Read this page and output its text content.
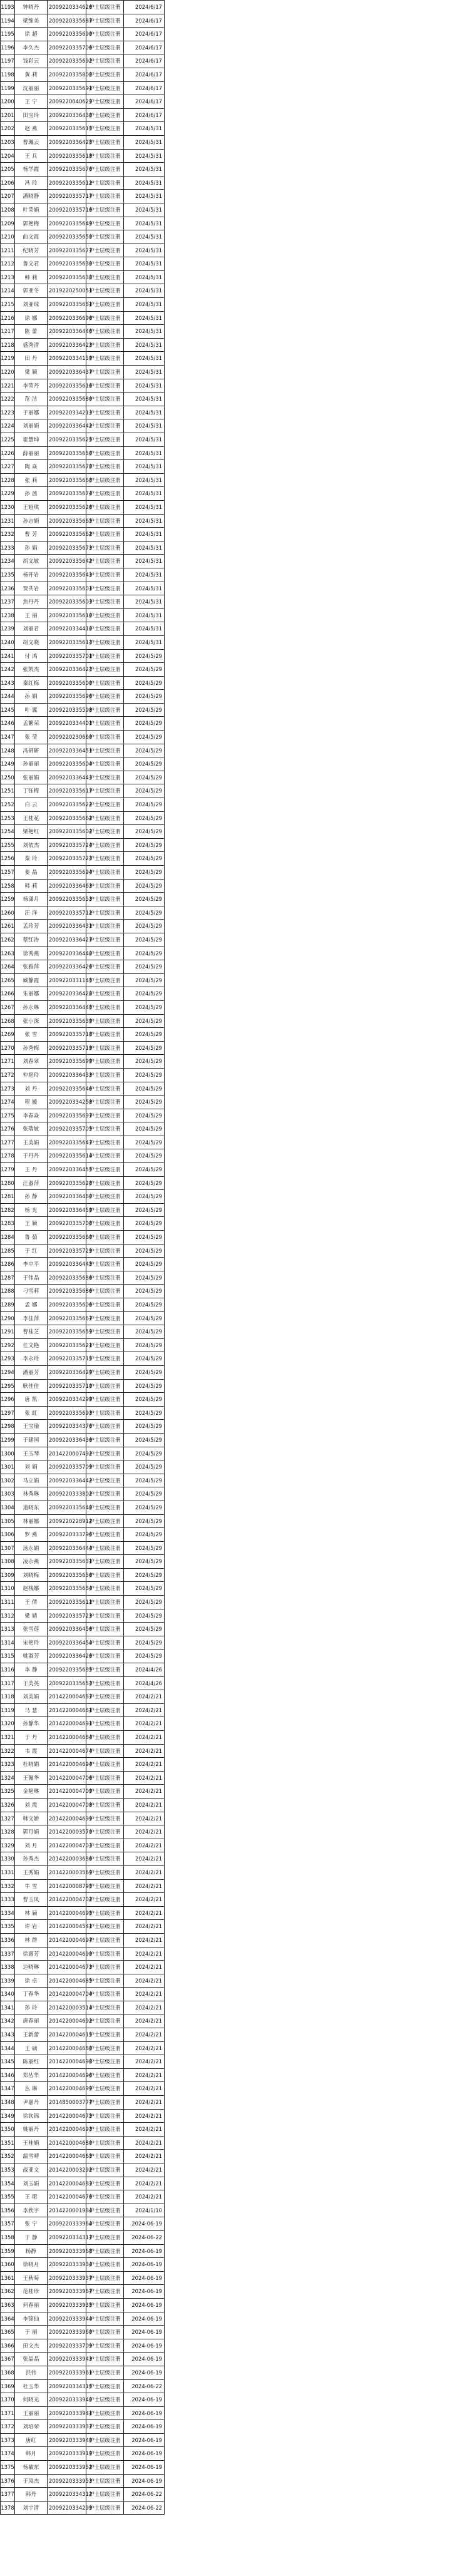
1193	钟晓丹	2009220334626	护士层级注册	2024/6/17
1194	梁维美	2009220335687	护士层级注册	2024/6/17
1195	徐 超	2009220335690	护士层级注册	2024/6/17
1196	李久杰	2009220335706	护士层级注册	2024/6/17
1197	钱彩云	2009220335692	护士层级注册	2024/6/17
1198	黄 莉	2009220335808	护士层级注册	2024/6/17
1199	沈丽丽	2009220335691	护士层级注册	2024/6/17
1200	王 宁	2009220040629	护士层级注册	2024/6/17
1201	田宝玲	2009220336438	护士层级注册	2024/6/17
1202	赵 燕	2009220335615	护士层级注册	2024/5/31
1203	曹珮云	2009220336425	护士层级注册	2024/5/31
1204	王 兵	2009220335618	护士层级注册	2024/5/31
1205	杨学霞	2009220335676	护士层级注册	2024/5/31
1206	冯 玲	2009220335612	护士层级注册	2024/5/31
1207	潘晓静	2009220335717	护士层级注册	2024/5/31
1208	叶荣娟	2009220335716	护士层级注册	2024/5/31
1209	郭艳梅	2009220335649	护士层级注册	2024/5/31
1210	曲文霞	2009220335650	护士层级注册	2024/5/31
1211	纪晓芳	2009220335677	护士层级注册	2024/5/31
1212	鲁文君	2009220335630	护士层级注册	2024/5/31
1213	韩 莉	2009220335638	护士层级注册	2024/5/31
1214	郭亚冬	2019220250051	护士层级注册	2024/5/31
1215	刘亚琼	2009220335681	护士层级注册	2024/5/31
1216	徐 娜	2009220336696	护士层级注册	2024/5/31
1217	陈 蕾	2009220336446	护士层级注册	2024/5/31
1218	盛秀清	2009220336423	护士层级注册	2024/5/31
1219	田 丹	2009220334159	护士层级注册	2024/5/31
1220	梁 颖	2009220336437	护士层级注册	2024/5/31
1221	李荣丹	2009220335616	护士层级注册	2024/5/31
1222	范 洁	2009220335680	护士层级注册	2024/5/31
1223	于丽娜	2009220334213	护士层级注册	2024/5/31
1224	刘丽娟	2009220336442	护士层级注册	2024/5/31
1225	霍慧坤	2009220335625	护士层级注册	2024/5/31
1226	薛丽丽	2009220335650	护士层级注册	2024/5/31
1227	陶 焱	2009220335678	护士层级注册	2024/5/31
1228	张 莉	2009220335668	护士层级注册	2024/5/31
1229	孙 茜	2009220335674	护士层级注册	2024/5/31
1230	王娅琪	2009220335626	护士层级注册	2024/5/31
1231	孙志娟	2009220335665	护士层级注册	2024/5/31
1232	曹 芳	2009220335662	护士层级注册	2024/5/31
1233	孙 娟	2009220335673	护士层级注册	2024/5/31
1234	胡文敏	2009220335642	护士层级注册	2024/5/31
1235	杨开岩	2009220335643	护士层级注册	2024/5/31
1236	贾共岩	2009220335601	护士层级注册	2024/5/31
1237	焦丹丹	2009220335603	护士层级注册	2024/5/31
1238	王 丽	2009220335610	护士层级注册	2024/5/31
1239	刘丽君	2009220334410	护士层级注册	2024/5/31
1240	胡文晓	2009220335613	护士层级注册	2024/5/31
1241	付 鸿	2009220335701	护士层级注册	2024/5/29
1242	张凯杰	2009220336423	护士层级注册	2024/5/29
1243	秦红梅	2009220335600	护士层级注册	2024/5/29
1244	孙 娟	2009220335696	护士层级注册	2024/5/29
1245	叶 翼	2009220335598	护士层级注册	2024/5/29
1246	孟繁荣	2009220334401	护士层级注册	2024/5/29
1247	张 莹	2009220230660	护士层级注册	2024/5/29
1248	冯研研	2009220336451	护士层级注册	2024/5/29
1249	孙丽丽	2009220335604	护士层级注册	2024/5/29
1250	张丽娟	2009220336443	护士层级注册	2024/5/29
1251	丁钰梅	2009220335617	护士层级注册	2024/5/29
1252	白 云	2009220335622	护士层级注册	2024/5/29
1253	王桂花	2009220335662	护士层级注册	2024/5/29
1254	梁艳红	2009220335602	护士层级注册	2024/5/29
1255	刘依杰	2009220335724	护士层级注册	2024/5/29
1256	秦 玲	2009220335723	护士层级注册	2024/5/29
1257	姜 晶	2009220335694	护士层级注册	2024/5/29
1258	韩 莉	2009220336463	护士层级注册	2024/5/29
1259	杨潇月	2009220335653	护士层级注册	2024/5/29
1260	汪 洋	2009220335712	护士层级注册	2024/5/29
1261	孟玲芳	2009220336431	护士层级注册	2024/5/29
1262	蔡红涛	2009220336427	护士层级注册	2024/5/29
1263	徐秀燕	2009220336440	护士层级注册	2024/5/29
1264	张雅萍	2009220336426	护士层级注册	2024/5/29
1265	臧静霞	2009220331145	护士层级注册	2024/5/29
1266	朱丽娜	2009220336428	护士层级注册	2024/5/29
1267	孙永琳	2009220336445	护士层级注册	2024/5/29
1268	张小深	2009220335639	护士层级注册	2024/5/29
1269	张 雪	2009220335718	护士层级注册	2024/5/29
1270	孙秀梅	2009220335719	护士层级注册	2024/5/29
1271	刘春翠	2009220335699	护士层级注册	2024/5/29
1272	仲艳玲	2009220336433	护士层级注册	2024/5/29
1273	刘 丹	2009220335646	护士层级注册	2024/5/29
1274	程 媛	2009220334258	护士层级注册	2024/5/29
1275	李春焱	2009220335697	护士层级注册	2024/5/29
1276	张瑞敏	2009220335705	护士层级注册	2024/5/29
1277	王美娟	2009220335647	护士层级注册	2024/5/29
1278	于丹丹	2009220335614	护士层级注册	2024/5/29
1279	王 丹	2009220336455	护士层级注册	2024/5/29
1280	汪淑萍	2009220335628	护士层级注册	2024/5/29
1281	孙 静	2009220336460	护士层级注册	2024/5/29
1282	杨 光	2009220336459	护士层级注册	2024/5/29
1283	王 颖	2009220335708	护士层级注册	2024/5/29
1284	鲁 茹	2009220335660	护士层级注册	2024/5/29
1285	于 红	2009220335729	护士层级注册	2024/5/29
1286	李中平	2009220336445	护士层级注册	2024/5/29
1287	于伟晶	2009220335686	护士层级注册	2024/5/29
1288	刁雪莉	2009220335686	护士层级注册	2024/5/29
1289	孟 娜	2009220335606	护士层级注册	2024/5/29
1290	李佳萍	2009220335667	护士层级注册	2024/5/29
1291	曹桂芝	2009220335659	护士层级注册	2024/5/29
1292	任文艳	2009220335621	护士层级注册	2024/5/29
1293	李永玲	2009220335715	护士层级注册	2024/5/29
1294	潘丽芳	2009220336429	护士层级注册	2024/5/29
1295	耿佳佳	2009220335710	护士层级注册	2024/5/29
1296	唐 凯	2009220334299	护士层级注册	2024/5/29
1297	张 虹	2009220335693	护士层级注册	2024/5/29
1298	王宝瑜	2009220334376	护士层级注册	2024/5/29
1299	于建国	2009220336436	护士层级注册	2024/5/29
1300	王玉琴	2014220007492	护士层级注册	2024/5/29
1301	刘 娟	2009220335709	护士层级注册	2024/5/29
1302	马立娟	2009220336442	护士层级注册	2024/5/29
1303	林秀琳	2009220333802	护士层级注册	2024/5/29
1304	道晓东	2009220335648	护士层级注册	2024/5/29
1305	林丽娜	2009220228912	护士层级注册	2024/5/29
1306	罗 燕	2009220333796	护士层级注册	2024/5/29
1307	汤永娟	2009220336444	护士层级注册	2024/5/29
1308	凌永燕	2009220335631	护士层级注册	2024/5/29
1309	刘晓梅	2009220335656	护士层级注册	2024/5/29
1310	赵栈娜	2009220335684	护士层级注册	2024/5/29
1311	王 倩	2009220335611	护士层级注册	2024/5/29
1312	梁 婧	2009220335723	护士层级注册	2024/5/29
1313	张雪莲	2009220336456	护士层级注册	2024/5/29
1314	宋艳玲	2009220336454	护士层级注册	2024/5/29
1315	姚淑芳	2009220336426	护士层级注册	2024/5/29
1316	李 静	2009220335685	护士层级注册	2024/4/26
1317	于美英	2009220335653	护士层级注册	2024/4/26
1318	刘美娟	2014220004687	护士层级注册	2024/2/21
1319	马 慧	2014220004681	护士层级注册	2024/2/21
1320	孙静华	2014220004691	护士层级注册	2024/2/21
1321	于 丹	2014220004684	护士层级注册	2024/2/21
1322	韦 霞	2014220004674	护士层级注册	2024/2/21
1323	杜晓娟	2014220004694	护士层级注册	2024/2/21
1324	王佩华	2014220004706	护士层级注册	2024/2/21
1325	金艳琳	2014220004709	护士层级注册	2024/2/21
1326	刘 霞	2014220004708	护士层级注册	2024/2/21
1327	韩文娇	2014220004699	护士层级注册	2024/2/21
1328	郭月娟	2014220003570	护士层级注册	2024/2/21
1329	刘 月	2014220004703	护士层级注册	2024/2/21
1330	孙秀杰	2014220003686	护士层级注册	2024/2/21
1331	王秀娟	2014220003569	护士层级注册	2024/2/21
1332	牛 雪	2014220008795	护士层级注册	2024/2/21
1333	曹玉凤	2014220004702	护士层级注册	2024/2/21
1334	林 颖	2014220004695	护士层级注册	2024/2/21
1335	许 岩	2014220004541	护士层级注册	2024/2/21
1336	林 群	2014220004697	护士层级注册	2024/2/21
1337	徐惠芳	2014220004690	护士层级注册	2024/2/21
1338	边晓琳	2014220004673	护士层级注册	2024/2/21
1339	徐 卓	2014220004685	护士层级注册	2024/2/21
1340	丁春华	2014220004704	护士层级注册	2024/2/21
1341	孙 玲	2014220003514	护士层级注册	2024/2/21
1342	唐春丽	2014220004692	护士层级注册	2024/2/21
1343	王新蕾	2014220004615	护士层级注册	2024/2/21
1344	王 硕	2014220004688	护士层级注册	2024/2/21
1345	陈丽红	2014220004698	护士层级注册	2024/2/21
1346	郑丛华	2014220004696	护士层级注册	2024/2/21
1347	丛 琳	2014220004699	护士层级注册	2024/2/21
1348	尹嘉丹	2014850003777	护士层级注册	2024/2/21
1349	徐钦锦	2014220004675	护士层级注册	2024/2/21
1350	姚丽丹	2014220004693	护士层级注册	2024/2/21
1351	王桂娟	2014220004680	护士层级注册	2024/2/21
1352	温雪晴	2014220004665	护士层级注册	2024/2/21
1353	战亚文	2014220003292	护士层级注册	2024/2/21
1354	刘玉娟	2014220004683	护士层级注册	2024/2/21
1355	王 珺	2014220004676	护士层级注册	2024/2/21
1356	李欣宇	2014220001984	护士层级注册	2024/1/10
1357	张 宁	2009220333964	护士层级注册	2024-06-19
1358	于 静	2009220334317	护士层级注册	2024-06-22
1359	杨静	2009220333968	护士层级注册	2024-06-19
1360	徐晓月	2009220333934	护士层级注册	2024-06-19
1361	王秋菊	2009220333937	护士层级注册	2024-06-19
1362	范桂珍	2009220333967	护士层级注册	2024-06-19
1363	何春丽	2009220333935	护士层级注册	2024-06-19
1364	李锦仙	2009220333944	护士层级注册	2024-06-19
1365	于 丽	2009220333960	护士层级注册	2024-06-19
1366	田文杰	2009220333709	护士层级注册	2024-06-19
1367	张晶晶	2009220333943	护士层级注册	2024-06-19
1368	洪伟	2009220333961	护士层级注册	2024-06-19
1369	杜玉华	2009220334315	护士层级注册	2024-06-22
1370	何晓光	2009220333940	护士层级注册	2024-06-19
1371	王丽丽	2009220333941	护士层级注册	2024-06-19
1372	刘培荣	2009220333937	护士层级注册	2024-06-19
1373	唐红	2009220333949	护士层级注册	2024-06-19
1374	韩月	2009220333919	护士层级注册	2024-06-19
1375	杨敏东	2009220333952	护士层级注册	2024-06-19
1376	于凤杰	2009220333953	护士层级注册	2024-06-19
1377	韩丹	2009220334312	护士层级注册	2024-06-22
1378	刘宇清	2009220334299	护士层级注册	2024-06-22
